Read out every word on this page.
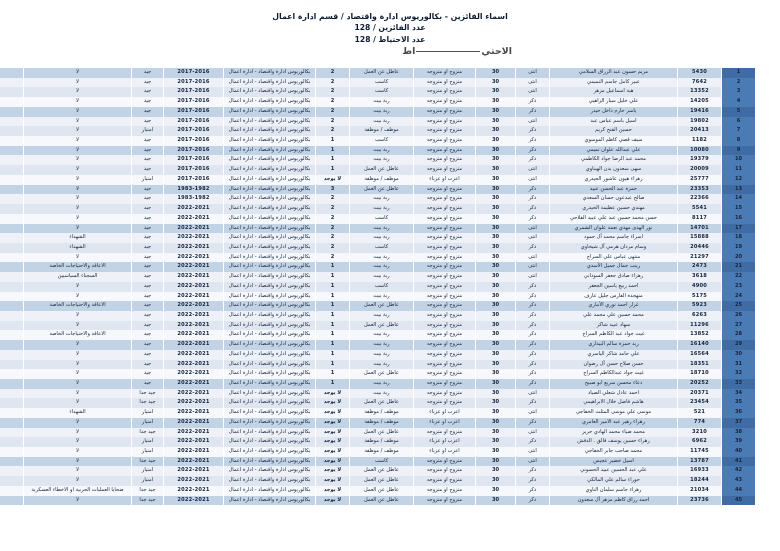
اسماء الفائزين - بكالوريوس ادارة واقتصاد / قسم ادارة اعمال
عدد الفائزين / 128
عدد الاحتياط / 128
الاحتياط
1	5430	مريم حسون عبد الرزاق السلامي	انثى	30	متزوج او متزوجه	عاطل عن العمل	2	بكالوريوس ادارة واقتصاد - ادارة اعمال	2017-2016	جيد	لا	
2	7642	عبير كامل جاسم التميمي	انثى	30	متزوج او متزوجه	كاسب	2	بكالوريوس ادارة واقتصاد - ادارة اعمال	2017-2016	جيد	لا	
3	13352	هبة اسماعيل مزهر	انثى	30	متزوج او متزوجه	كاسب	2	بكالوريوس ادارة واقتصاد - ادارة اعمال	2017-2016	جيد	لا	
4	14205	علي خليل سيار الزاهيي	ذكر	30	متزوج او متزوجه	ربة بيت	2	بكالوريوس ادارة واقتصاد - ادارة اعمال	2017-2016	جيد	لا	
5	19416	ياسر حازم داخل حيدر	ذكر	30	متزوج او متزوجه	ربة بيت	2	بكالوريوس ادارة واقتصاد - ادارة اعمال	2017-2016	جيد	لا	
6	19802	اسيل باسم عباس عبد	انثى	30	متزوج او متزوجه	ربة بيت	2	بكالوريوس ادارة واقتصاد - ادارة اعمال	2017-2016	جيد	لا	
7	20413	حسين الفتح كريم	ذكر	30	متزوج او متزوجه	موظف / موظفة	2	بكالوريوس ادارة واقتصاد - ادارة اعمال	2017-2016	امتياز	لا	
8	1182	سيف قصي كاظم الموسوي	ذكر	30	متزوج او متزوجه	كاسب	1	بكالوريوس ادارة واقتصاد - ادارة اعمال	2017-2016	جيد	لا	
9	10080	علي عبدالله علوان تميمي	ذكر	30	متزوج او متزوجه	ربة بيت	1	بكالوريوس ادارة واقتصاد - ادارة اعمال	2017-2016	جيد	لا	
10	19379	محمد عبد الرضا جواد الكاظمي	ذكر	30	متزوج او متزوجه	ربة بيت	1	بكالوريوس ادارة واقتصاد - ادارة اعمال	2017-2016	جيد	لا	
11	20009	سهى سعدون بدن الهيناوي	انثى	30	متزوج او متزوجه	عاطل عن العمل	1	بكالوريوس ادارة واقتصاد - ادارة اعمال	2017-2016	جيد	لا	
12	25777	زهراء هيون عاشور الحيدري	انثى	30	اعزب او عزباء	موظف / موظفة	لا يوجد	بكالوريوس ادارة واقتصاد - ادارة اعمال	2017-2016	امتياز	لا	
13	23353	حمزة عبد الحسن عبيد	ذكر	30	متزوج او متزوجه	عاطل عن العمل	3	بكالوريوس ادارة واقتصاد - ادارة اعمال	1983-1982	جيد	لا	
14	22366	صالح عبدعون حسان السعدي	ذكر	30	متزوج او متزوجه	ربة بيت	2	بكالوريوس ادارة واقتصاد - ادارة اعمال	1983-1982	جيد	لا	
15	5541	مهتدي حسين عظيمة الحيدري	ذكر	30	متزوج او متزوجه	ربة بيت	2	بكالوريوس ادارة واقتصاد - ادارة اعمال	2022-2021	جيد	لا	
16	8117	حسن محمد حسين عبد علي عبيد الفلاحي	ذكر	30	متزوج او متزوجه	كاسب	2	بكالوريوس ادارة واقتصاد - ادارة اعمال	2022-2021	جيد	لا	
17	14701	نور الهدى مهدي نعمة علوان الشمري	انثى	30	متزوج او متزوجه	ربة بيت	2	بكالوريوس ادارة واقتصاد - ادارة اعمال	2022-2021	جيد	لا	
18	15888	اسراء جاسم محمد آل حمود	انثى	30	متزوج او متزوجه	ربة بيت	2	بكالوريوس ادارة واقتصاد - ادارة اعمال	2022-2021	جيد	الشهداء	
19	20446	وسام مردان هرمي آل شيخاوي	ذكر	30	متزوج او متزوجه	كاسب	2	بكالوريوس ادارة واقتصاد - ادارة اعمال	2022-2021	جيد	الشهداء	
20	21297	منتهى عباس علي السراج	انثى	30	متزوج او متزوجه	ربة بيت	2	بكالوريوس ادارة واقتصاد - ادارة اعمال	2022-2021	جيد	لا	
21	2473	زينب جمال جميل الأسدي	انثى	30	متزوج او متزوجه	ربة بيت	1	بكالوريوس ادارة واقتصاد - ادارة اعمال	2022-2021	جيد	الاعاقة والاحتياجات الخاصة	
22	3618	زهراء صادق جعفر السوداني	انثى	30	متزوج او متزوجه	ربة بيت	1	بكالوريوس ادارة واقتصاد - ادارة اعمال	2022-2021	جيد	السجناء السياسيين	
23	4900	احمد ربيع ياسين الجعفر	ذكر	30	متزوج او متزوجه	كاسب	1	بكالوريوس ادارة واقتصاد - ادارة اعمال	2022-2021	جيد	لا	
24	5175	متهجدة الفارس جليل عازف	ذكر	30	متزوج او متزوجه	ربة بيت	1	بكالوريوس ادارة واقتصاد - ادارة اعمال	2022-2021	جيد	لا	
25	5923	غرار احمد نوري الأنباري	ذكر	30	متزوج او متزوجه	عاطل عن العمل	1	بكالوريوس ادارة واقتصاد - ادارة اعمال	2022-2021	جيد	الاعاقة والاحتياجات الخاصة	
26	6263	محمد حسين علي محمد علي	ذكر	30	متزوج او متزوجه	ربة بيت	1	بكالوريوس ادارة واقتصاد - ادارة اعمال	2022-2021	جيد	لا	
27	11296	سهاد عبيد شاكر	ذكر	30	متزوج او متزوجه	عاطل عن العمل	1	بكالوريوس ادارة واقتصاد - ادارة اعمال	2022-2021	جيد	لا	
28	13852	غيث جواد عبد الكاظم السراج	ذكر	30	متزوج او متزوجه	ربة بيت	1	بكالوريوس ادارة واقتصاد - ادارة اعمال	2022-2021	جيد	الاعاقة والاحتياجات الخاصة	
29	16140	زيد حمزة سالم البيداري	ذكر	30	متزوج او متزوجه	ربة بيت	1	بكالوريوس ادارة واقتصاد - ادارة اعمال	2022-2021	جيد	لا	
30	16564	علي حامد شاكر الياسري	ذكر	30	متزوج او متزوجه	ربة بيت	1	بكالوريوس ادارة واقتصاد - ادارة اعمال	2022-2021	جيد	لا	
31	18351	حسن صلاح حسن آل رضوان	ذكر	30	متزوج او متزوجه	ربة بيت	1	بكالوريوس ادارة واقتصاد - ادارة اعمال	2022-2021	جيد	لا	
32	18710	غيث جواد عبدالكاظم السراج	ذكر	30	متزوج او متزوجه	عاطل عن العمل	1	بكالوريوس ادارة واقتصاد - ادارة اعمال	2022-2021	جيد	لا	
33	20252	دعاء محسن سريع ابو صبيح	ذكر	30	متزوج او متزوجه	ربة بيت	1	بكالوريوس ادارة واقتصاد - ادارة اعمال	2022-2021	جيد	لا	
34	20371	احمد عادل شعلي الصياد	انثى	30	متزوج او متزوجه	ربة بيت	لا يوجد	بكالوريوس ادارة واقتصاد - ادارة اعمال	2022-2021	جيد جدا	لا	
35	23454	هاشم فاضل خلال الابراهيمي	ذكر	30	متزوج او متزوجه	عاطل عن العمل	لا يوجد	بكالوريوس ادارة واقتصاد - ادارة اعمال	2022-2021	جيد جدا	لا	
36	521	موسى علي موسى المثلث الخفاجي	انثى	30	اعزب او عزباء	موظف / موظفة	لا يوجد	بكالوريوس ادارة واقتصاد - ادارة اعمال	2022-2021	امتياز	الشهداء	
37	774	زهراء زهير عبد الامير العامري	ذكر	30	اعزب او عزباء	موظف / موظفة	لا يوجد	بكالوريوس ادارة واقتصاد - ادارة اعمال	2022-2021	امتياز	لا	
38	3210	محمد ضياء محمد الهادي حريز	انثى	30	متزوج او متزوجه	عاطل عن العمل	لا يوجد	بكالوريوس ادارة واقتصاد - ادارة اعمال	2022-2021	جيد جدا	لا	
39	6962	زهراء حسين يوسف فالق . الدفش	ذكر	30	اعزب او عزباء	موظف / موظفة	لا يوجد	بكالوريوس ادارة واقتصاد - ادارة اعمال	2022-2021	امتياز	لا	
40	11745	محمد صاحب جابر الخفاجي	انثى	30	اعزب او عزباء	موظف / موظفة	لا يوجد	بكالوريوس ادارة واقتصاد - ادارة اعمال	2022-2021	امتياز	لا	
41	13787	اسيل خضير عجيس	انثى	30	متزوج او متزوجه	كاسب	لا يوجد	بكالوريوس ادارة واقتصاد - ادارة اعمال	2022-2021	جيد جدا	لا	
42	16933	علي عبد الحسين عبيد الحسوني	ذكر	30	متزوج او متزوجه	عاطل عن العمل	لا يوجد	بكالوريوس ادارة واقتصاد - ادارة اعمال	2022-2021	امتياز	لا	
43	18244	حوراء سالم علي المالكي	ذكر	30	متزوج او متزوجه	عاطل عن العمل	لا يوجد	بكالوريوس ادارة واقتصاد - ادارة اعمال	2022-2021	امتياز	لا	
44	21034	زهراء جاسم سلمان الناوي	ذكر	30	متزوج او متزوجه	عاطل عن العمل	لا يوجد	بكالوريوس ادارة واقتصاد - ادارة اعمال	2022-2021	جيد جدا	ضحايا العمليات الحربية او الاخطاء العسكرية	
45	23736	احمد رزاق كاظم مزهر آل سعدون	ذكر	30	متزوج او متزوجه	عاطل عن العمل	لا يوجد	بكالوريوس ادارة واقتصاد - ادارة اعمال	2022-2021	جيد جدا	لا	
